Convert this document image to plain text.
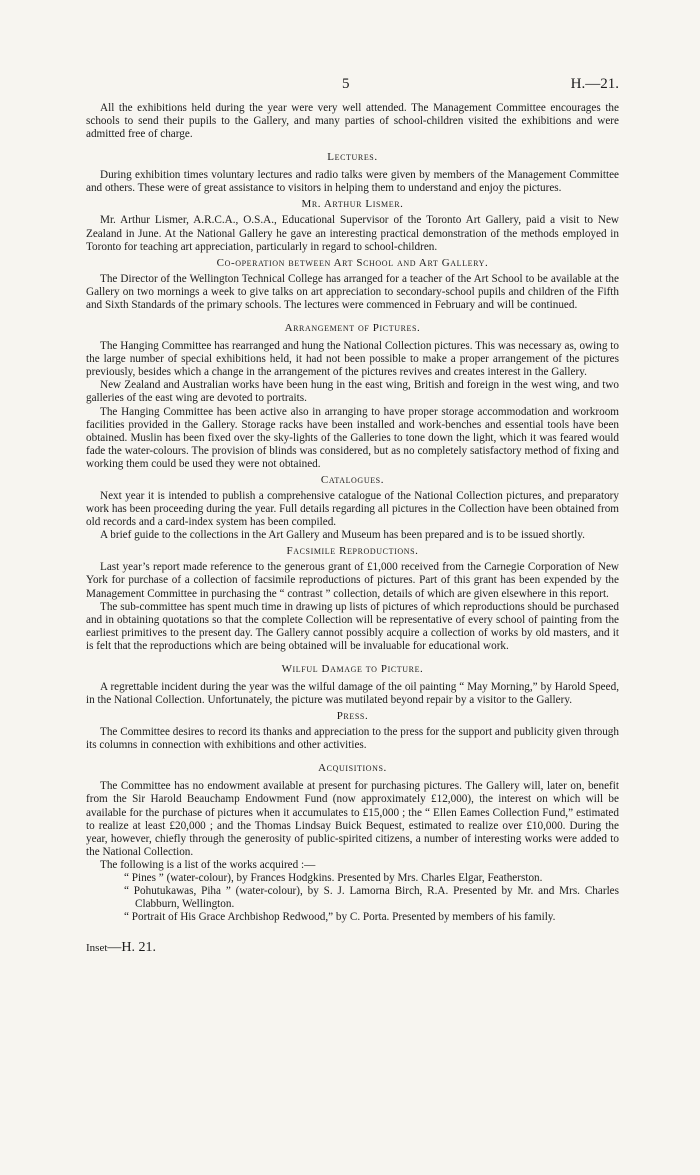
5	H.—21.

All the exhibitions held during the year were very well attended. The Management Committee encourages the schools to send their pupils to the Gallery, and many parties of school-children visited the exhibitions and were admitted free of charge.

Lectures.

During exhibition times voluntary lectures and radio talks were given by members of the Management Committee and others. These were of great assistance to visitors in helping them to understand and enjoy the pictures.

Mr. Arthur Lismer.

Mr. Arthur Lismer, A.R.C.A., O.S.A., Educational Supervisor of the Toronto Art Gallery, paid a visit to New Zealand in June. At the National Gallery he gave an interesting practical demonstration of the methods employed in Toronto for teaching art appreciation, particularly in regard to school-children.

Co-operation between Art School and Art Gallery.

The Director of the Wellington Technical College has arranged for a teacher of the Art School to be available at the Gallery on two mornings a week to give talks on art appreciation to secondary-school pupils and children of the Fifth and Sixth Standards of the primary schools. The lectures were commenced in February and will be continued.

Arrangement of Pictures.

The Hanging Committee has rearranged and hung the National Collection pictures. This was necessary as, owing to the large number of special exhibitions held, it had not been possible to make a proper arrangement of the pictures previously, besides which a change in the arrangement of the pictures revives and creates interest in the Gallery.

New Zealand and Australian works have been hung in the east wing, British and foreign in the west wing, and two galleries of the east wing are devoted to portraits.

The Hanging Committee has been active also in arranging to have proper storage accommodation and workroom facilities provided in the Gallery. Storage racks have been installed and work-benches and essential tools have been obtained. Muslin has been fixed over the sky-lights of the Galleries to tone down the light, which it was feared would fade the water-colours. The provision of blinds was considered, but as no completely satisfactory method of fixing and working them could be used they were not obtained.

Catalogues.

Next year it is intended to publish a comprehensive catalogue of the National Collection pictures, and preparatory work has been proceeding during the year. Full details regarding all pictures in the Collection have been obtained from old records and a card-index system has been compiled.

A brief guide to the collections in the Art Gallery and Museum has been prepared and is to be issued shortly.

Facsimile Reproductions.

Last year’s report made reference to the generous grant of £1,000 received from the Carnegie Corporation of New York for purchase of a collection of facsimile reproductions of pictures. Part of this grant has been expended by the Management Committee in purchasing the “ contrast ” collection, details of which are given elsewhere in this report.

The sub-committee has spent much time in drawing up lists of pictures of which reproductions should be purchased and in obtaining quotations so that the complete Collection will be representative of every school of painting from the earliest primitives to the present day. The Gallery cannot possibly acquire a collection of works by old masters, and it is felt that the reproductions which are being obtained will be invaluable for educational work.

Wilful Damage to Picture.

A regrettable incident during the year was the wilful damage of the oil painting “ May Morning,” by Harold Speed, in the National Collection. Unfortunately, the picture was mutilated beyond repair by a visitor to the Gallery.

Press.

The Committee desires to record its thanks and appreciation to the press for the support and publicity given through its columns in connection with exhibitions and other activities.

Acquisitions.

The Committee has no endowment available at present for purchasing pictures. The Gallery will, later on, benefit from the Sir Harold Beauchamp Endowment Fund (now approximately £12,000), the interest on which will be available for the purchase of pictures when it accumulates to £15,000 ; the “ Ellen Eames Collection Fund,” estimated to realize at least £20,000 ; and the Thomas Lindsay Buick Bequest, estimated to realize over £10,000. During the year, however, chiefly through the generosity of public-spirited citizens, a number of interesting works were added to the National Collection.

The following is a list of the works acquired :—

“ Pines ” (water-colour), by Frances Hodgkins. Presented by Mrs. Charles Elgar, Featherston.
“ Pohutukawas, Piha ” (water-colour), by S. J. Lamorna Birch, R.A. Presented by Mr. and Mrs. Charles Clabburn, Wellington.
“ Portrait of His Grace Archbishop Redwood,” by C. Porta. Presented by members of his family.
Inset—H. 21.
